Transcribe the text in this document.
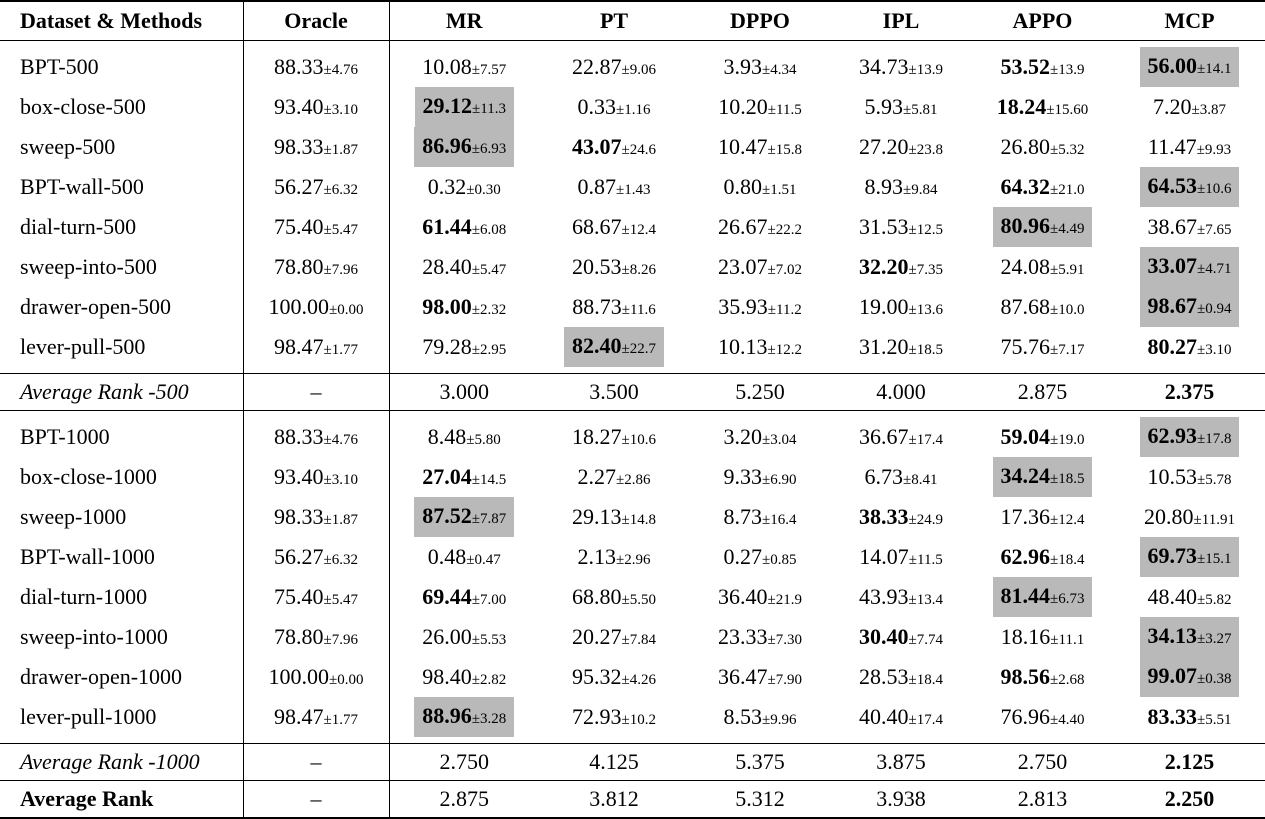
Dataset & Methods	Oracle	MR	PT	DPPO	IPL	APPO	MCP
BPT-500	88.33±4.76	10.08±7.57	22.87±9.06	3.93±4.34	34.73±13.9	53.52±13.9	56.00±14.1
box-close-500	93.40±3.10	29.12±11.3	0.33±1.16	10.20±11.5	5.93±5.81	18.24±15.60	7.20±3.87
sweep-500	98.33±1.87	86.96±6.93	43.07±24.6	10.47±15.8	27.20±23.8	26.80±5.32	11.47±9.93
BPT-wall-500	56.27±6.32	0.32±0.30	0.87±1.43	0.80±1.51	8.93±9.84	64.32±21.0	64.53±10.6
dial-turn-500	75.40±5.47	61.44±6.08	68.67±12.4	26.67±22.2	31.53±12.5	80.96±4.49	38.67±7.65
sweep-into-500	78.80±7.96	28.40±5.47	20.53±8.26	23.07±7.02	32.20±7.35	24.08±5.91	33.07±4.71
drawer-open-500	100.00±0.00	98.00±2.32	88.73±11.6	35.93±11.2	19.00±13.6	87.68±10.0	98.67±0.94
lever-pull-500	98.47±1.77	79.28±2.95	82.40±22.7	10.13±12.2	31.20±18.5	75.76±7.17	80.27±3.10
Average Rank -500	–	3.000	3.500	5.250	4.000	2.875	2.375
BPT-1000	88.33±4.76	8.48±5.80	18.27±10.6	3.20±3.04	36.67±17.4	59.04±19.0	62.93±17.8
box-close-1000	93.40±3.10	27.04±14.5	2.27±2.86	9.33±6.90	6.73±8.41	34.24±18.5	10.53±5.78
sweep-1000	98.33±1.87	87.52±7.87	29.13±14.8	8.73±16.4	38.33±24.9	17.36±12.4	20.80±11.91
BPT-wall-1000	56.27±6.32	0.48±0.47	2.13±2.96	0.27±0.85	14.07±11.5	62.96±18.4	69.73±15.1
dial-turn-1000	75.40±5.47	69.44±7.00	68.80±5.50	36.40±21.9	43.93±13.4	81.44±6.73	48.40±5.82
sweep-into-1000	78.80±7.96	26.00±5.53	20.27±7.84	23.33±7.30	30.40±7.74	18.16±11.1	34.13±3.27
drawer-open-1000	100.00±0.00	98.40±2.82	95.32±4.26	36.47±7.90	28.53±18.4	98.56±2.68	99.07±0.38
lever-pull-1000	98.47±1.77	88.96±3.28	72.93±10.2	8.53±9.96	40.40±17.4	76.96±4.40	83.33±5.51
Average Rank -1000	–	2.750	4.125	5.375	3.875	2.750	2.125
Average Rank	–	2.875	3.812	5.312	3.938	2.813	2.250
